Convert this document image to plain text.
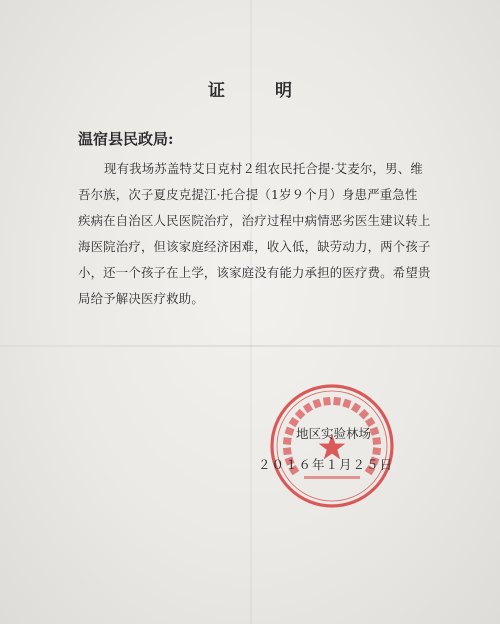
证 明
温宿县民政局:
现有我场苏盖特艾日克村２组农民托合提·艾麦尔，男、维
吾尔族，次子夏皮克提江·托合提（1岁９个月）身患严重急性
疾病在自治区人民医院治疗，治疗过程中病情恶劣医生建议转上
海医院治疗，但该家庭经济困难，收入低，缺劳动力，两个孩子
小，还一个孩子在上学，该家庭没有能力承担的医疗费。希望贵
局给予解决医疗救助。
地区实验林场
２０１６年１月２５日
